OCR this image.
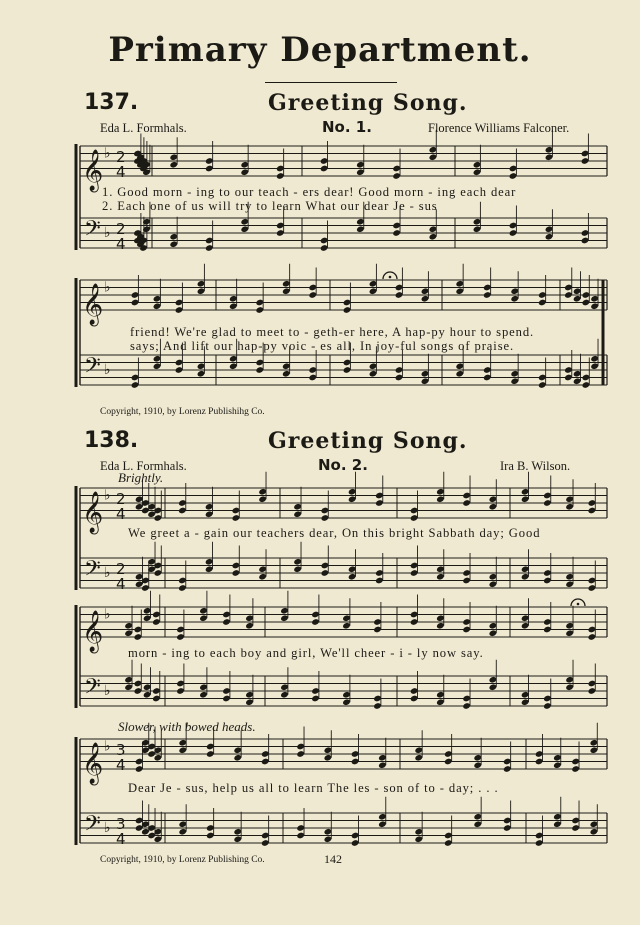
Primary Department.
137.	Greeting Song.
Eda L. Formhals.	No. 1.	Florence Williams Falconer.
1. Good morn - ing to our teach - ers dear! Good morn - ing each dear
2. Each one of us will try to learn What our dear Je - sus
friend! We're glad to meet to - geth-er here, A hap-py hour to spend.
says; And lift our hap-py voic - es all, In joy-ful songs of praise.
Copyright, 1910, by Lorenz Publishihg Co.
138.	Greeting Song.
Eda L. Formhals.	No. 2.	Ira B. Wilson.
Brightly.
We greet a - gain our teachers dear, On this bright Sabbath day; Good
morn - ing to each boy and girl, We'll cheer - i - ly now say.
Slower, with bowed heads.
Dear Je - sus, help us all to learn The les - son of to - day; . . .
Copyright, 1910, by Lorenz Publishing Co.	142
𝄞
𝄢
♭
♭
2
4
2
4
𝄞
𝄢
♭
♭
𝄞
𝄢
♭
♭
2
4
2
4
𝄞
𝄢
♭
♭
𝄞
𝄢
♭
♭
3
4
3
4
